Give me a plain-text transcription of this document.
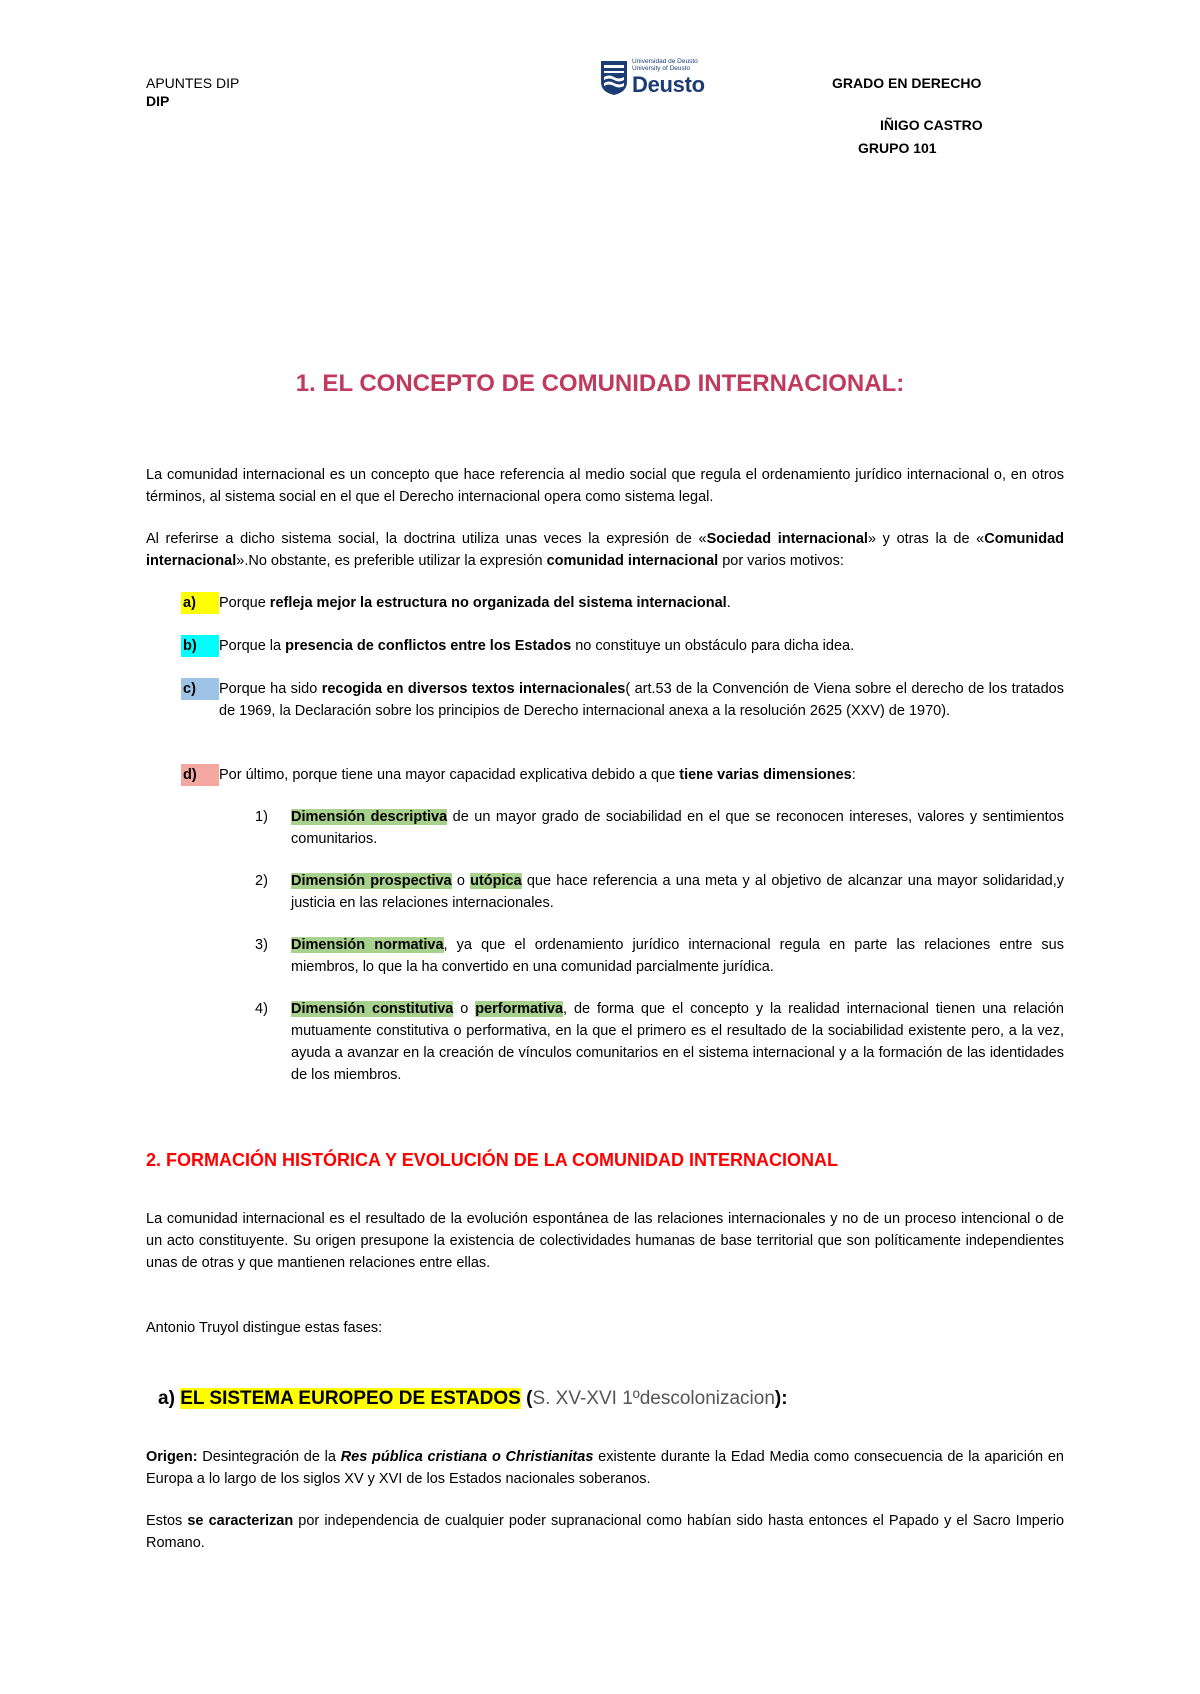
APUNTES DIP
DIP
Universidad de Deusto
University of Deusto
Deusto	GRADO EN DERECHO
IÑIGO CASTRO
GRUPO 101
1. EL CONCEPTO DE COMUNIDAD INTERNACIONAL:
La comunidad internacional es un concepto que hace referencia al medio social que regula el ordenamiento jurídico internacional o, en otros términos, al sistema social en el que el Derecho internacional opera como sistema legal.
Al referirse a dicho sistema social, la doctrina utiliza unas veces la expresión de «Sociedad internacional» y otras la de «Comunidad internacional».No obstante, es preferible utilizar la expresión comunidad internacional por varios motivos:
a)	Porque refleja mejor la estructura no organizada del sistema internacional.
b)	Porque la presencia de conflictos entre los Estados no constituye un obstáculo para dicha idea.
c)	Porque ha sido recogida en diversos textos internacionales( art.53 de la Convención de Viena sobre el derecho de los tratados de 1969, la Declaración sobre los principios de Derecho internacional anexa a la resolución 2625 (XXV) de 1970).
d)	Por último, porque tiene una mayor capacidad explicativa debido a que tiene varias dimensiones:
1) Dimensión descriptiva de un mayor grado de sociabilidad en el que se reconocen intereses, valores y sentimientos comunitarios.
2) Dimensión prospectiva o utópica que hace referencia a una meta y al objetivo de alcanzar una mayor solidaridad,y justicia en las relaciones internacionales.
3) Dimensión normativa, ya que el ordenamiento jurídico internacional regula en parte las relaciones entre sus miembros, lo que la ha convertido en una comunidad parcialmente jurídica.
4) Dimensión constitutiva o performativa, de forma que el concepto y la realidad internacional tienen una relación mutuamente constitutiva o performativa, en la que el primero es el resultado de la sociabilidad existente pero, a la vez, ayuda a avanzar en la creación de vínculos comunitarios en el sistema internacional y a la formación de las identidades de los miembros.
2. FORMACIÓN HISTÓRICA Y EVOLUCIÓN DE LA COMUNIDAD INTERNACIONAL
La comunidad internacional es el resultado de la evolución espontánea de las relaciones internacionales y no de un proceso intencional o de un acto constituyente. Su origen presupone la existencia de colectividades humanas de base territorial que son políticamente independientes unas de otras y que mantienen relaciones entre ellas.
Antonio Truyol distingue estas fases:
a) EL SISTEMA EUROPEO DE ESTADOS (S. XV-XVI 1ºdescolonizacion):
Origen: Desintegración de la Res pública cristiana o Christianitas existente durante la Edad Media como consecuencia de la aparición en Europa a lo largo de los siglos XV y XVI de los Estados nacionales soberanos.
Estos se caracterizan por independencia de cualquier poder supranacional como habían sido hasta entonces el Papado y el Sacro Imperio Romano.
